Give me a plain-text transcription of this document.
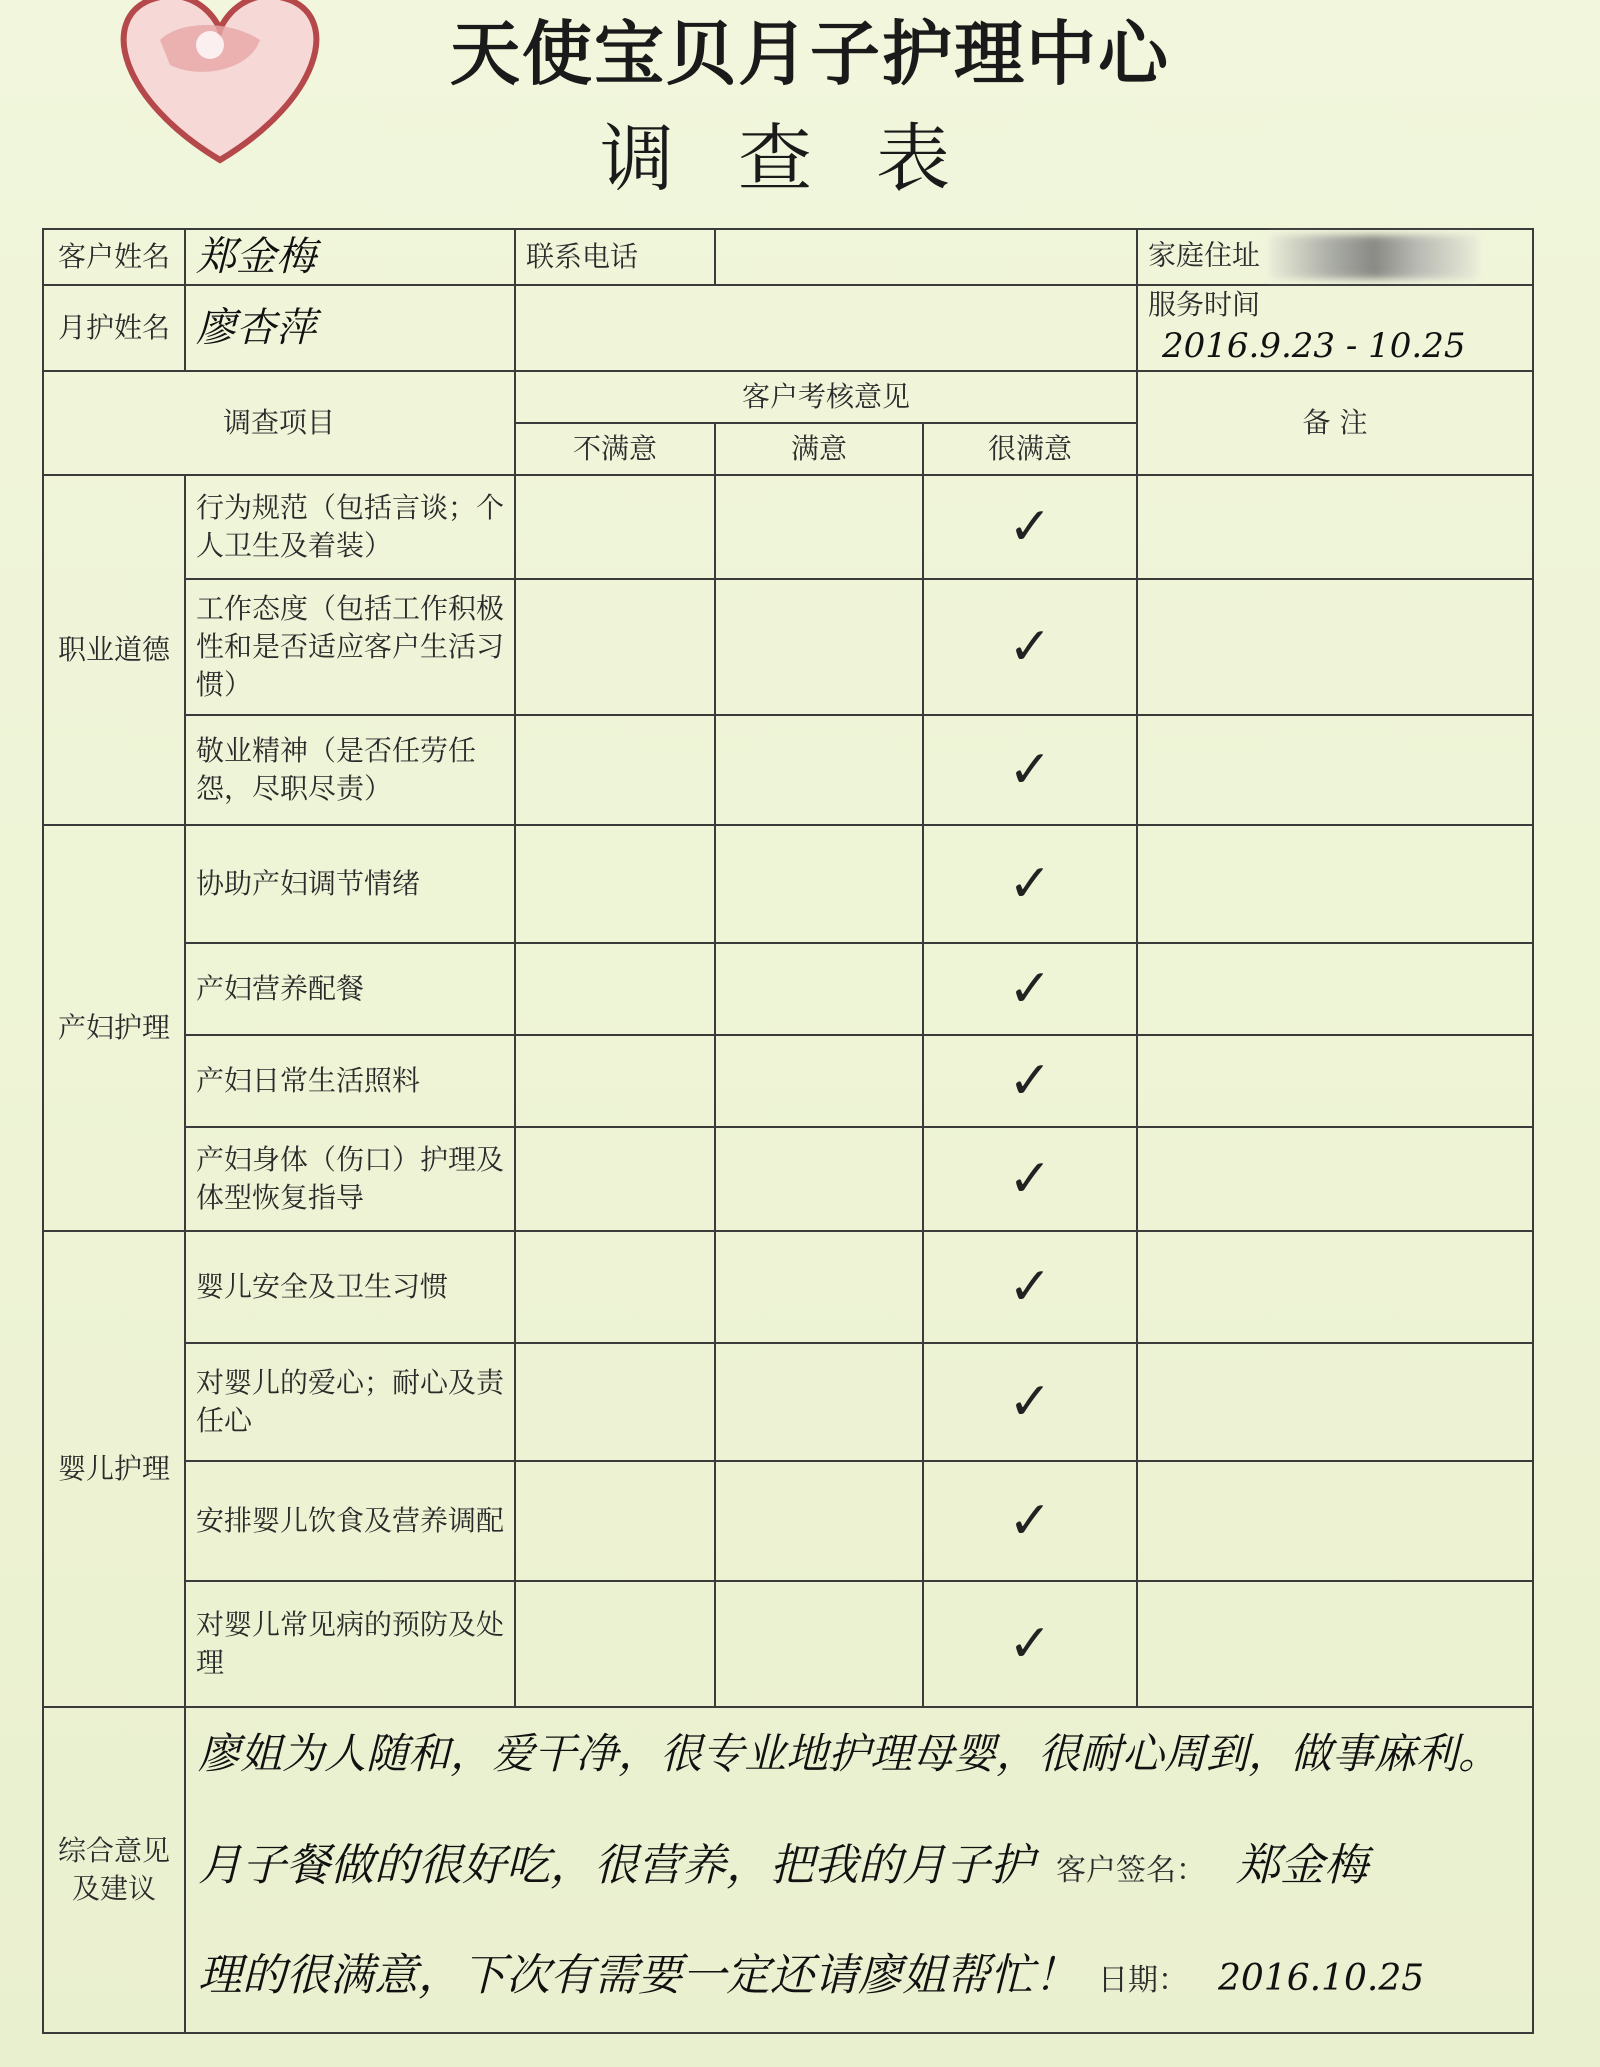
天使宝贝月子护理中心
调查表
客户姓名	郑金梅	联系电话			家庭住址
月护姓名	廖杏萍				服务时间 2016.9.23 - 10.25
调查项目		客户考核意见			备 注
		不满意	满意	很满意	
职业道德	行为规范（包括言谈；个人卫生及着装）			✓	
	工作态度（包括工作积极性和是否适应客户生活习惯）			✓	
	敬业精神（是否任劳任怨，尽职尽责）			✓	
产妇护理	协助产妇调节情绪			✓	
	产妇营养配餐			✓	
	产妇日常生活照料			✓	
	产妇身体（伤口）护理及体型恢复指导			✓	
婴儿护理	婴儿安全及卫生习惯			✓	
	对婴儿的爱心；耐心及责任心			✓	
	安排婴儿饮食及营养调配			✓	
	对婴儿常见病的预防及处理			✓	
综合意见及建议	廖姐为人随和，爱干净，很专业地护理母婴，很耐心周到，做事麻利。
月子餐做的很好吃，很营养，把我的月子护 客户签名： 郑金梅
理的很满意，下次有需要一定还请廖姐帮忙！ 日期： 2016.10.25				
